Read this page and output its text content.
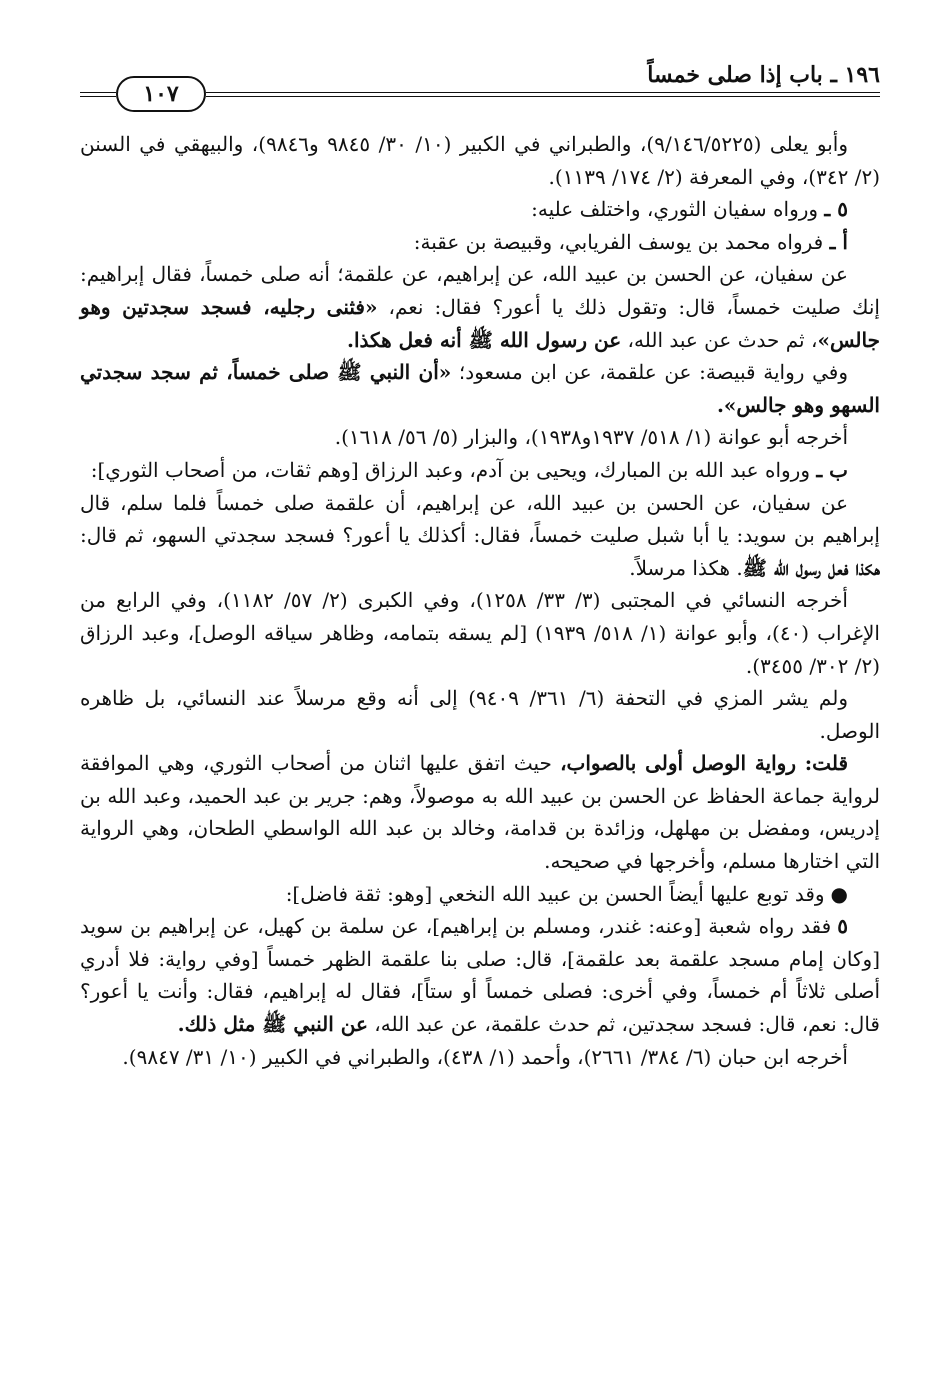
١٩٦ ـ باب إذا صلى خمساً
١٠٧

وأبو يعلى (٩/١٤٦/٥٢٢٥)، والطبراني في الكبير (١٠/ ٣٠/ ٩٨٤٥ و٩٨٤٦)، والبيهقي في السنن (٢/ ٣٤٢)، وفي المعرفة (٢/ ١٧٤/ ١١٣٩).

٥ ـ ورواه سفيان الثوري، واختلف عليه:

أ ـ فرواه محمد بن يوسف الفريابي، وقبيصة بن عقبة:

عن سفيان، عن الحسن بن عبيد الله، عن إبراهيم، عن علقمة؛ أنه صلى خمساً، فقال إبراهيم: إنك صليت خمساً، قال: وتقول ذلك يا أعور؟ فقال: نعم، «فثنى رجليه، فسجد سجدتين وهو جالس»، ثم حدث عن عبد الله، عن رسول الله ﷺ أنه فعل هكذا.

وفي رواية قبيصة: عن علقمة، عن ابن مسعود؛ «أن النبي ﷺ صلى خمساً، ثم سجد سجدتي السهو وهو جالس».

أخرجه أبو عوانة (١/ ٥١٨/ ١٩٣٧و١٩٣٨)، والبزار (٥/ ٥٦/ ١٦١٨).

ب ـ ورواه عبد الله بن المبارك، ويحيى بن آدم، وعبد الرزاق [وهم ثقات، من أصحاب الثوري]:

عن سفيان، عن الحسن بن عبيد الله، عن إبراهيم، أن علقمة صلى خمساً فلما سلم، قال إبراهيم بن سويد: يا أبا شبل صليت خمساً، فقال: أكذلك يا أعور؟ فسجد سجدتي السهو، ثم قال: هكذا فعل رسول الله ﷺ. هكذا مرسلاً.

أخرجه النسائي في المجتبى (٣/ ٣٣/ ١٢٥٨)، وفي الكبرى (٢/ ٥٧/ ١١٨٢)، وفي الرابع من الإغراب (٤٠)، وأبو عوانة (١/ ٥١٨/ ١٩٣٩) [لم يسقه بتمامه، وظاهر سياقه الوصل]، وعبد الرزاق (٢/ ٣٠٢/ ٣٤٥٥).

ولم يشر المزي في التحفة (٦/ ٣٦١/ ٩٤٠٩) إلى أنه وقع مرسلاً عند النسائي، بل ظاهره الوصل.

قلت: رواية الوصل أولى بالصواب، حيث اتفق عليها اثنان من أصحاب الثوري، وهي الموافقة لرواية جماعة الحفاظ عن الحسن بن عبيد الله به موصولاً، وهم: جرير بن عبد الحميد، وعبد الله بن إدريس، ومفضل بن مهلهل، وزائدة بن قدامة، وخالد بن عبد الله الواسطي الطحان، وهي الرواية التي اختارها مسلم، وأخرجها في صحيحه.

●وقد توبع عليها أيضاً الحسن بن عبيد الله النخعي [وهو: ثقة فاضل]:

٥فقد رواه شعبة [وعنه: غندر، ومسلم بن إبراهيم]، عن سلمة بن كهيل، عن إبراهيم بن سويد [وكان إمام مسجد علقمة بعد علقمة]، قال: صلى بنا علقمة الظهر خمساً [وفي رواية: فلا أدري أصلى ثلاثاً أم خمساً، وفي أخرى: فصلى خمساً أو ستاً]، فقال له إبراهيم، فقال: وأنت يا أعور؟ قال: نعم، قال: فسجد سجدتين، ثم حدث علقمة، عن عبد الله، عن النبي ﷺ مثل ذلك.

أخرجه ابن حبان (٦/ ٣٨٤/ ٢٦٦١)، وأحمد (١/ ٤٣٨)، والطبراني في الكبير (١٠/ ٣١/ ٩٨٤٧).
